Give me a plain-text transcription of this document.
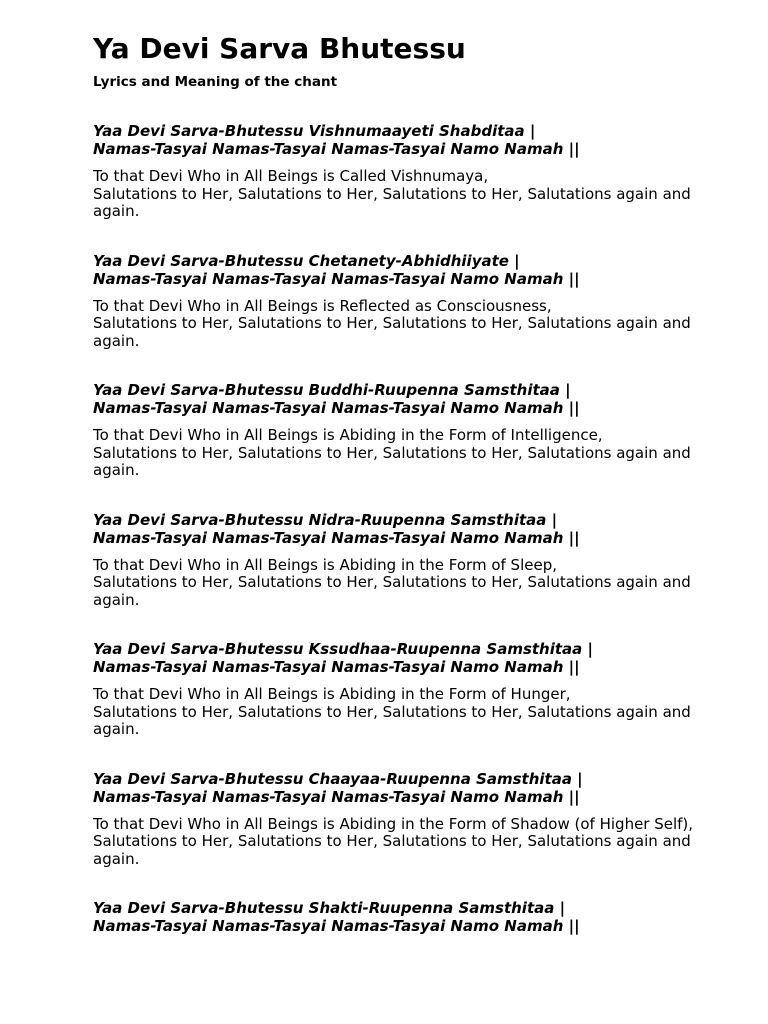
Ya Devi Sarva Bhutessu
Lyrics and Meaning of the chant
Yaa Devi Sarva-Bhutessu Vishnumaayeti Shabditaa |
Namas-Tasyai Namas-Tasyai Namas-Tasyai Namo Namah ||
To that Devi Who in All Beings is Called Vishnumaya,
Salutations to Her, Salutations to Her, Salutations to Her, Salutations again and again.
Yaa Devi Sarva-Bhutessu Chetanety-Abhidhiiyate |
Namas-Tasyai Namas-Tasyai Namas-Tasyai Namo Namah ||
To that Devi Who in All Beings is Reflected as Consciousness,
Salutations to Her, Salutations to Her, Salutations to Her, Salutations again and again.
Yaa Devi Sarva-Bhutessu Buddhi-Ruupenna Samsthitaa |
Namas-Tasyai Namas-Tasyai Namas-Tasyai Namo Namah ||
To that Devi Who in All Beings is Abiding in the Form of Intelligence,
Salutations to Her, Salutations to Her, Salutations to Her, Salutations again and again.
Yaa Devi Sarva-Bhutessu Nidra-Ruupenna Samsthitaa |
Namas-Tasyai Namas-Tasyai Namas-Tasyai Namo Namah ||
To that Devi Who in All Beings is Abiding in the Form of Sleep,
Salutations to Her, Salutations to Her, Salutations to Her, Salutations again and again.
Yaa Devi Sarva-Bhutessu Kssudhaa-Ruupenna Samsthitaa |
Namas-Tasyai Namas-Tasyai Namas-Tasyai Namo Namah ||
To that Devi Who in All Beings is Abiding in the Form of Hunger,
Salutations to Her, Salutations to Her, Salutations to Her, Salutations again and again.
Yaa Devi Sarva-Bhutessu Chaayaa-Ruupenna Samsthitaa |
Namas-Tasyai Namas-Tasyai Namas-Tasyai Namo Namah ||
To that Devi Who in All Beings is Abiding in the Form of Shadow (of Higher Self),
Salutations to Her, Salutations to Her, Salutations to Her, Salutations again and again.
Yaa Devi Sarva-Bhutessu Shakti-Ruupenna Samsthitaa |
Namas-Tasyai Namas-Tasyai Namas-Tasyai Namo Namah ||
